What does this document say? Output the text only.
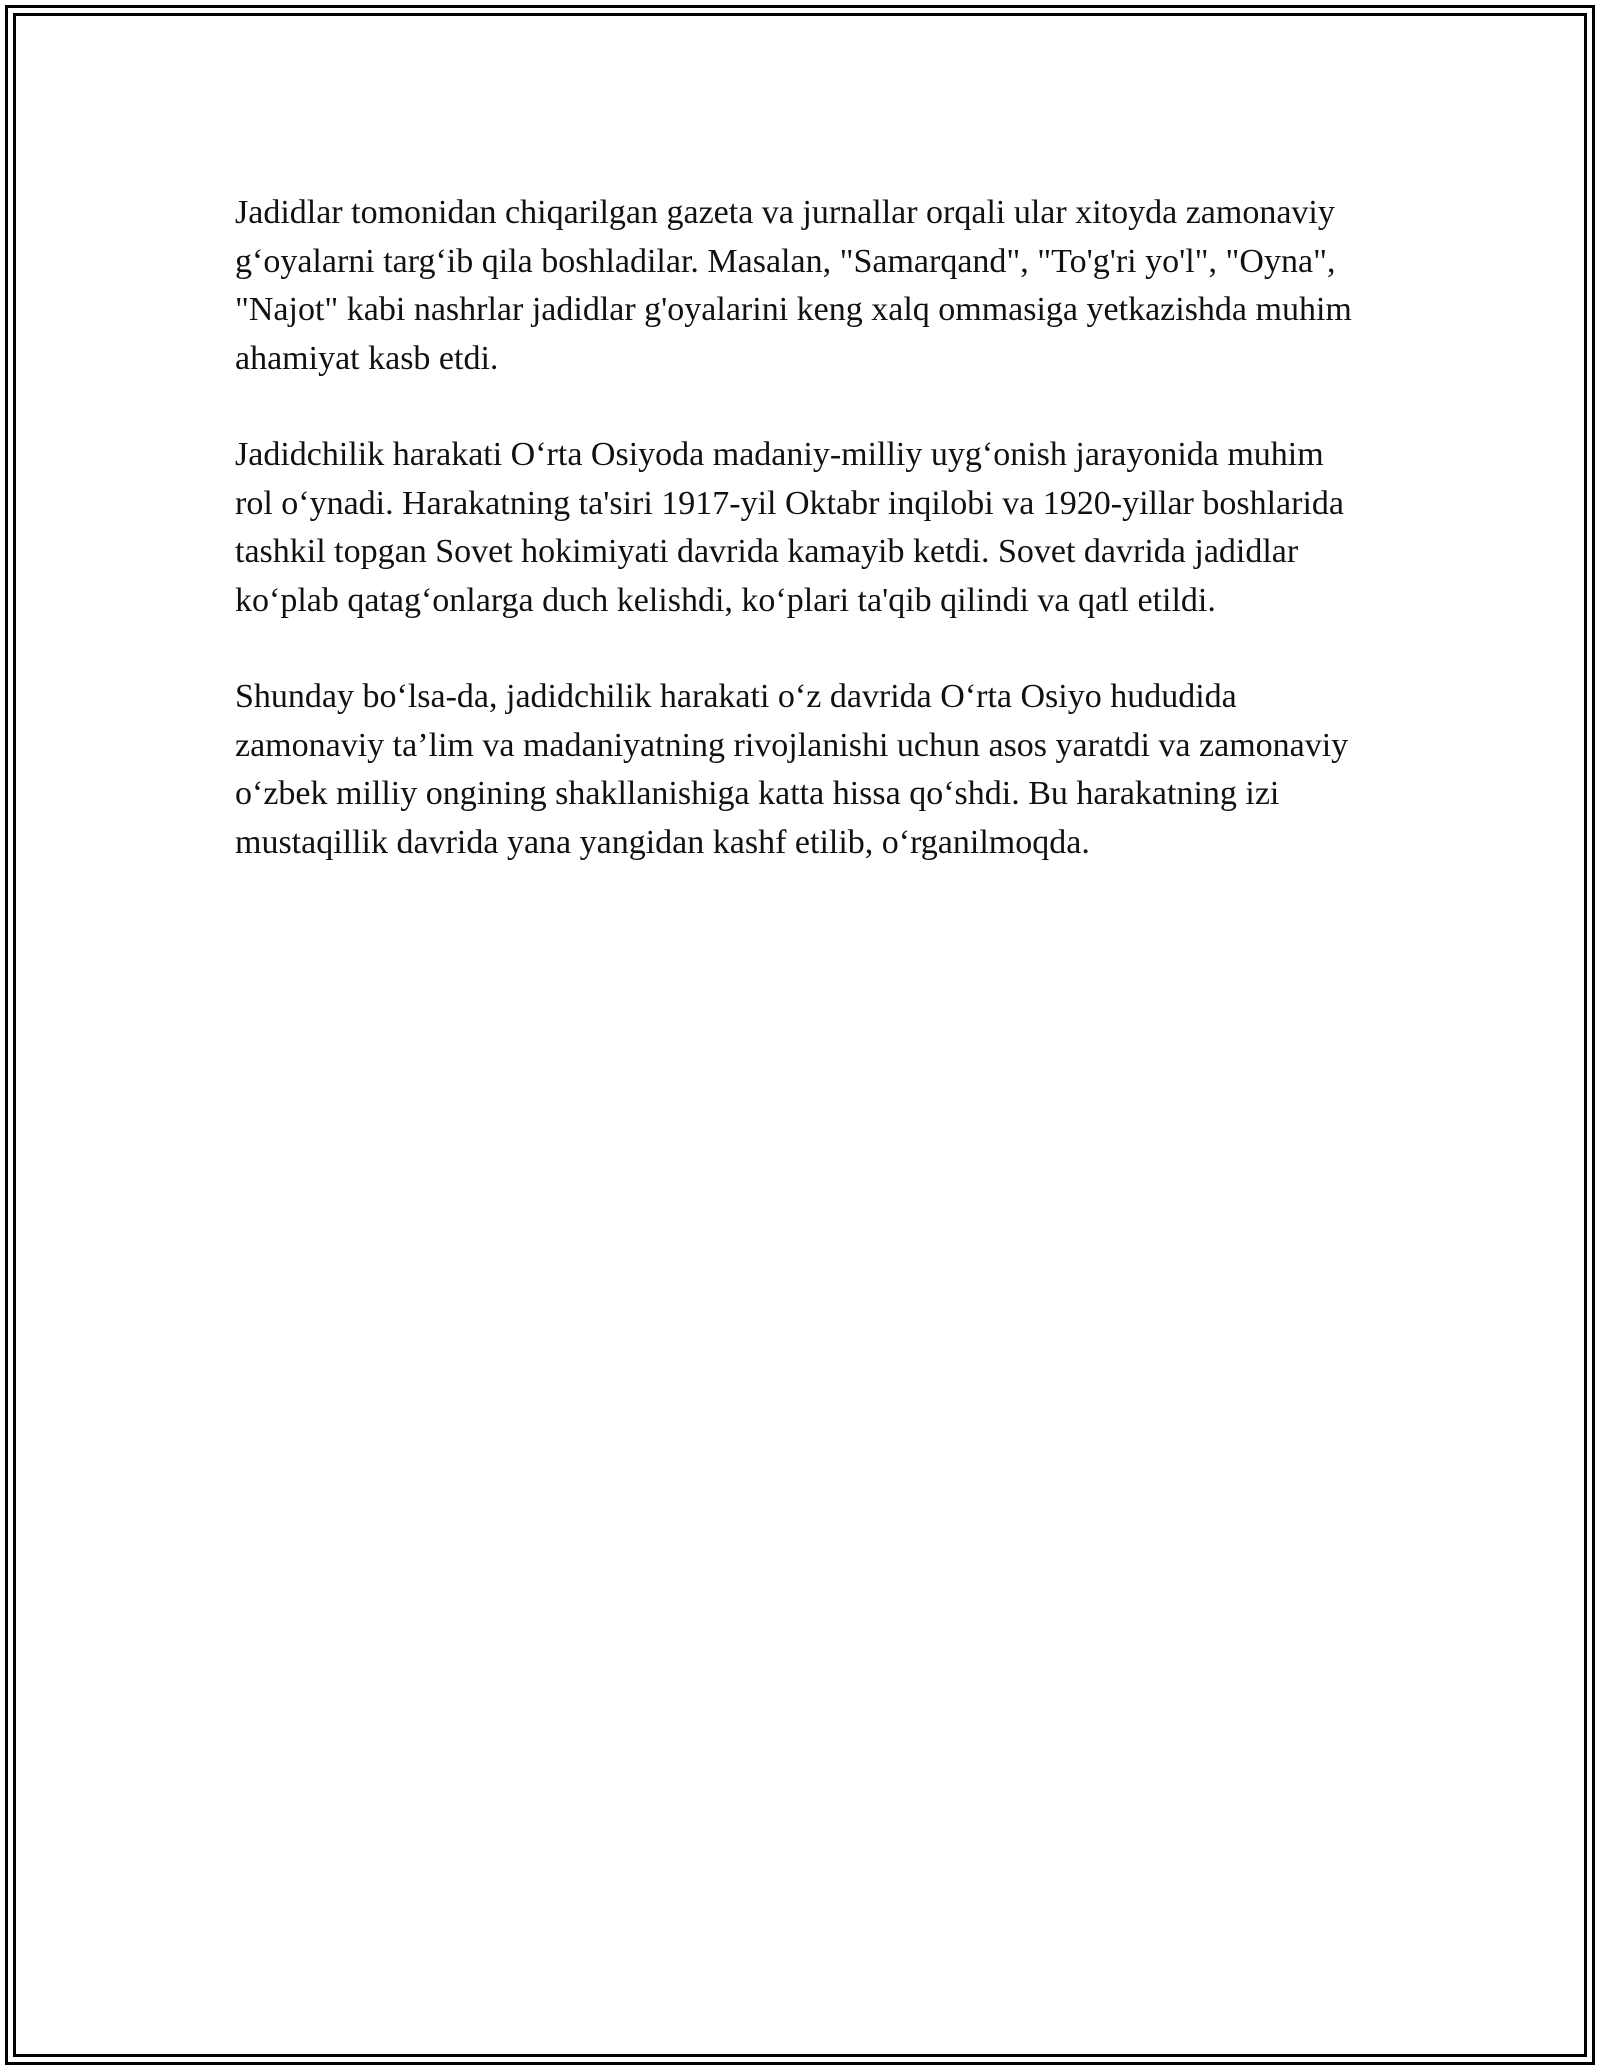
Jadidlar tomonidan chiqarilgan gazeta va jurnallar orqali ular xitoyda zamonaviy g‘oyalarni targ‘ib qila boshladilar. Masalan, "Samarqand", "To'g'ri yo'l", "Oyna", "Najot" kabi nashrlar jadidlar g'oyalarini keng xalq ommasiga yetkazishda muhim ahamiyat kasb etdi.

Jadidchilik harakati O‘rta Osiyoda madaniy-milliy uyg‘onish jarayonida muhim rol o‘ynadi. Harakatning ta'siri 1917-yil Oktabr inqilobi va 1920-yillar boshlarida tashkil topgan Sovet hokimiyati davrida kamayib ketdi. Sovet davrida jadidlar ko‘plab qatag‘onlarga duch kelishdi, ko‘plari ta'qib qilindi va qatl etildi.

Shunday bo‘lsa-da, jadidchilik harakati o‘z davrida O‘rta Osiyo hududida zamonaviy ta’lim va madaniyatning rivojlanishi uchun asos yaratdi va zamonaviy o‘zbek milliy ongining shakllanishiga katta hissa qo‘shdi. Bu harakatning izi mustaqillik davrida yana yangidan kashf etilib, o‘rganilmoqda.
